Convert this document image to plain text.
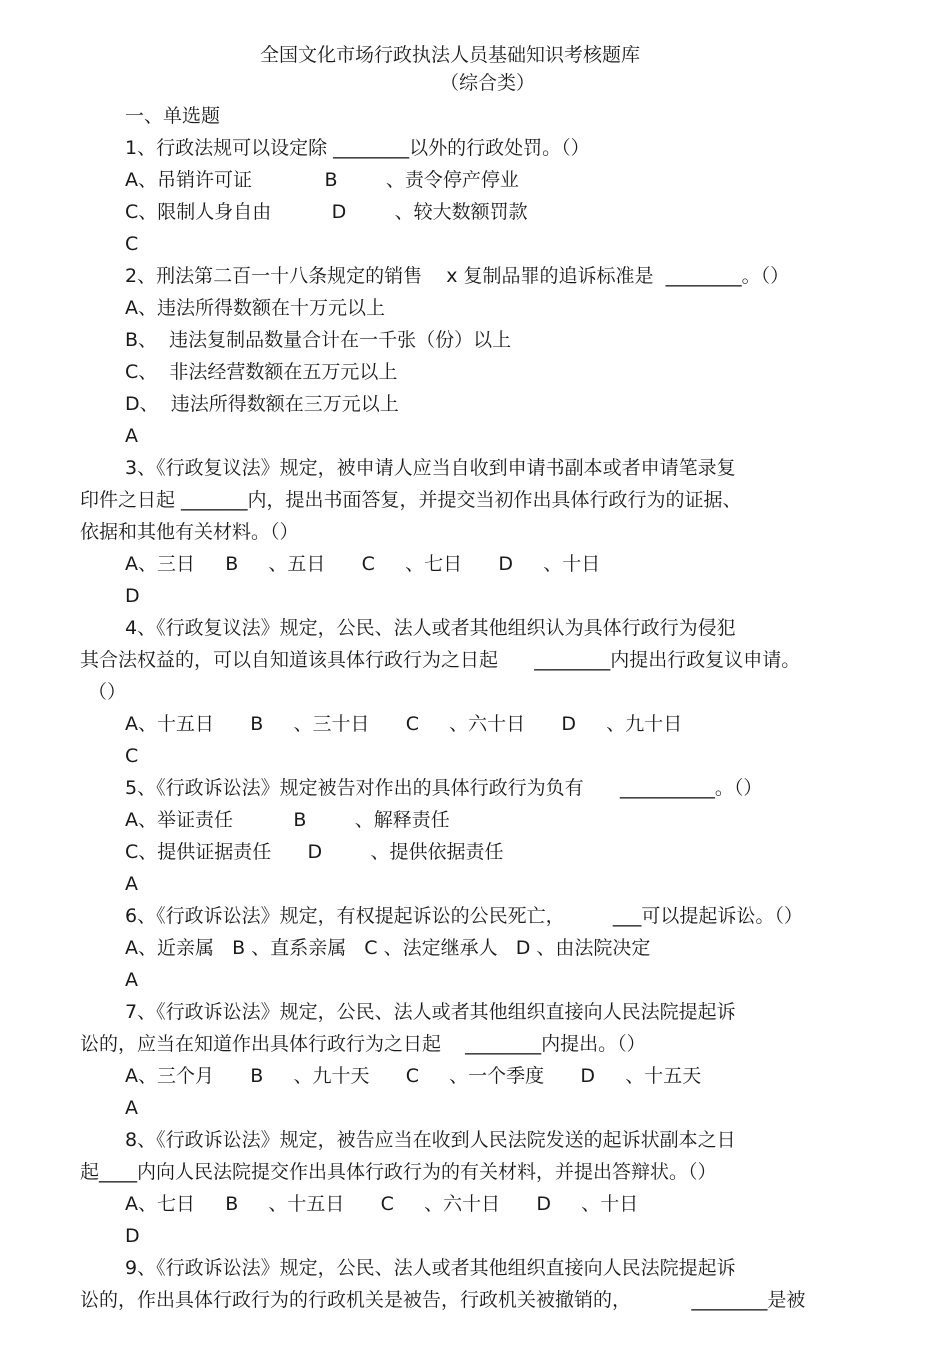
全国文化市场行政执法人员基础知识考核题库
（综合类）
一、单选题
1、行政法规可以设定除 ________以外的行政处罚。（）
A、吊销许可证            B        、责令停产停业
C、限制人身自由          D        、较大数额罚款
C
2、刑法第二百一十八条规定的销售    x 复制品罪的追诉标准是  ________。（）
A、违法所得数额在十万元以上
B、  违法复制品数量合计在一千张（份）以上
C、  非法经营数额在五万元以上
D、  违法所得数额在三万元以上
A
3、《行政复议法》规定，被申请人应当自收到申请书副本或者申请笔录复
印件之日起 _______内，提出书面答复，并提交当初作出具体行政行为的证据、
依据和其他有关材料。（）
A、三日     B     、五日      C     、七日      D     、十日
D
4、《行政复议法》规定，公民、法人或者其他组织认为具体行政行为侵犯
其合法权益的，可以自知道该具体行政行为之日起      ________内提出行政复议申请。
（）
A、十五日      B     、三十日      C     、六十日      D     、九十日
C
5、《行政诉讼法》规定被告对作出的具体行政行为负有      __________。（）
A、举证责任          B        、解释责任
C、提供证据责任      D        、提供依据责任
A
6、《行政诉讼法》规定，有权提起诉讼的公民死亡，        ___可以提起诉讼。（）
A、近亲属   B 、直系亲属   C 、法定继承人   D 、由法院决定
A
7、《行政诉讼法》规定，公民、法人或者其他组织直接向人民法院提起诉
讼的，应当在知道作出具体行政行为之日起    ________内提出。（）
A、三个月      B     、九十天      C     、一个季度      D     、十五天
A
8、《行政诉讼法》规定，被告应当在收到人民法院发送的起诉状副本之日
起____内向人民法院提交作出具体行政行为的有关材料，并提出答辩状。（）
A、七日     B     、十五日      C     、六十日      D     、十日
D
9、《行政诉讼法》规定，公民、法人或者其他组织直接向人民法院提起诉
讼的，作出具体行政行为的行政机关是被告，行政机关被撤销的，          ________是被
